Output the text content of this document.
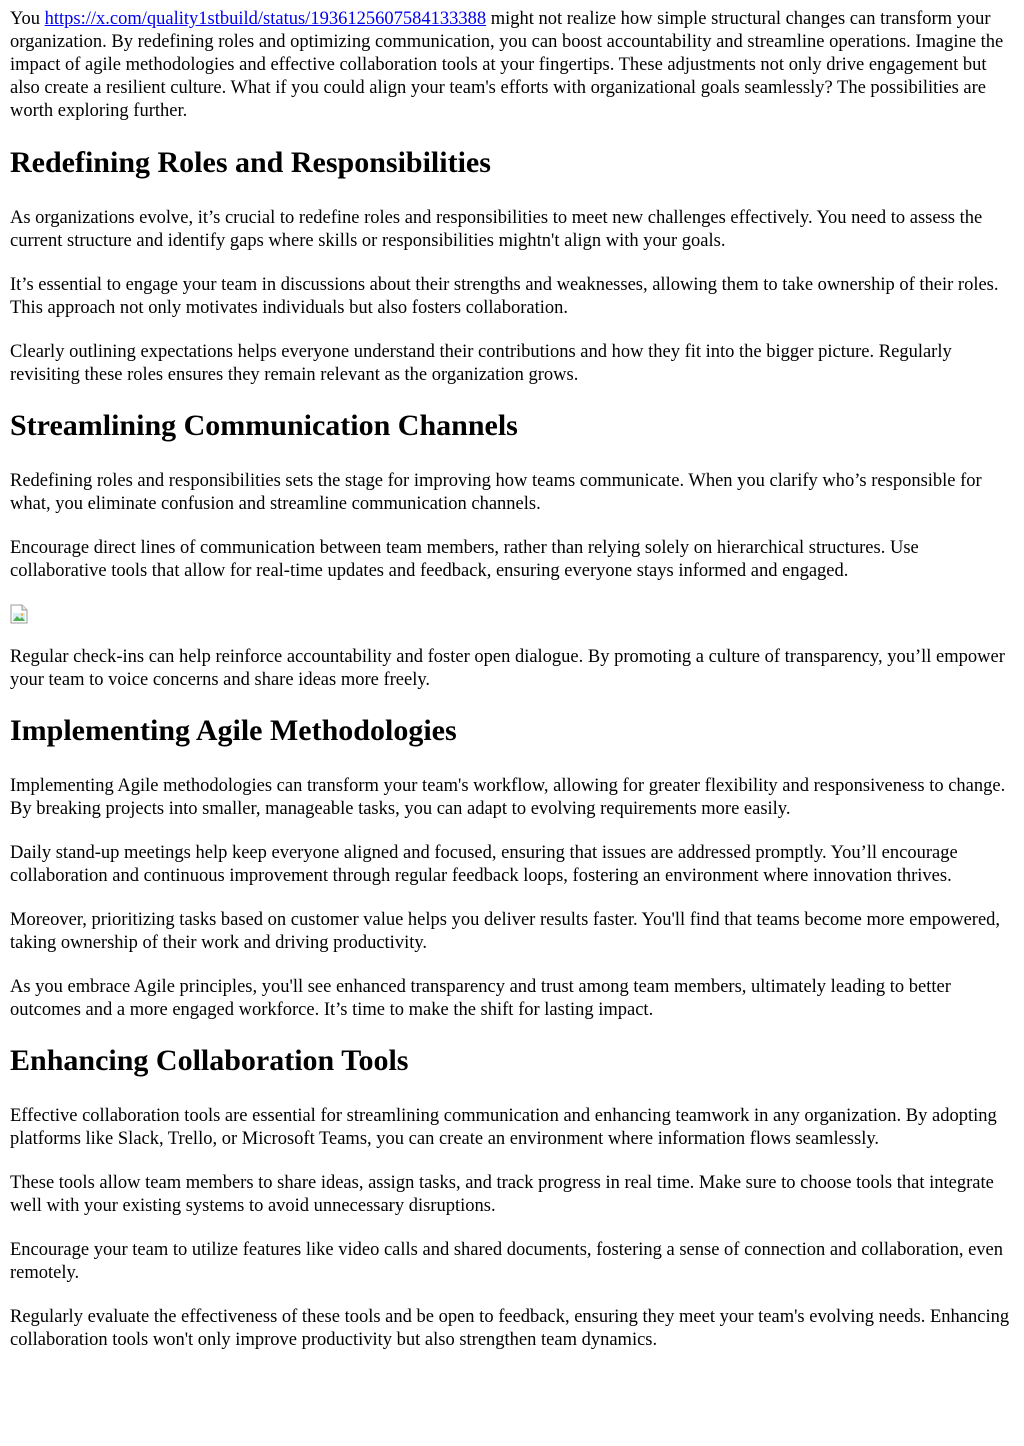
You https://x.com/quality1stbuild/status/1936125607584133388 might not realize how simple structural changes can transform your organization. By redefining roles and optimizing communication, you can boost accountability and streamline operations. Imagine the impact of agile methodologies and effective collaboration tools at your fingertips. These adjustments not only drive engagement but also create a resilient culture. What if you could align your team's efforts with organizational goals seamlessly? The possibilities are worth exploring further.

Redefining Roles and Responsibilities

As organizations evolve, it’s crucial to redefine roles and responsibilities to meet new challenges effectively. You need to assess the current structure and identify gaps where skills or responsibilities mightn't align with your goals.

It’s essential to engage your team in discussions about their strengths and weaknesses, allowing them to take ownership of their roles. This approach not only motivates individuals but also fosters collaboration.

Clearly outlining expectations helps everyone understand their contributions and how they fit into the bigger picture. Regularly revisiting these roles ensures they remain relevant as the organization grows.

Streamlining Communication Channels

Redefining roles and responsibilities sets the stage for improving how teams communicate. When you clarify who’s responsible for what, you eliminate confusion and streamline communication channels.

Encourage direct lines of communication between team members, rather than relying solely on hierarchical structures. Use collaborative tools that allow for real-time updates and feedback, ensuring everyone stays informed and engaged.

Regular check-ins can help reinforce accountability and foster open dialogue. By promoting a culture of transparency, you’ll empower your team to voice concerns and share ideas more freely.

Implementing Agile Methodologies

Implementing Agile methodologies can transform your team's workflow, allowing for greater flexibility and responsiveness to change. By breaking projects into smaller, manageable tasks, you can adapt to evolving requirements more easily.

Daily stand-up meetings help keep everyone aligned and focused, ensuring that issues are addressed promptly. You’ll encourage collaboration and continuous improvement through regular feedback loops, fostering an environment where innovation thrives.

Moreover, prioritizing tasks based on customer value helps you deliver results faster. You'll find that teams become more empowered, taking ownership of their work and driving productivity.

As you embrace Agile principles, you'll see enhanced transparency and trust among team members, ultimately leading to better outcomes and a more engaged workforce. It’s time to make the shift for lasting impact.

Enhancing Collaboration Tools

Effective collaboration tools are essential for streamlining communication and enhancing teamwork in any organization. By adopting platforms like Slack, Trello, or Microsoft Teams, you can create an environment where information flows seamlessly.

These tools allow team members to share ideas, assign tasks, and track progress in real time. Make sure to choose tools that integrate well with your existing systems to avoid unnecessary disruptions.

Encourage your team to utilize features like video calls and shared documents, fostering a sense of connection and collaboration, even remotely.

Regularly evaluate the effectiveness of these tools and be open to feedback, ensuring they meet your team's evolving needs. Enhancing collaboration tools won't only improve productivity but also strengthen team dynamics.
